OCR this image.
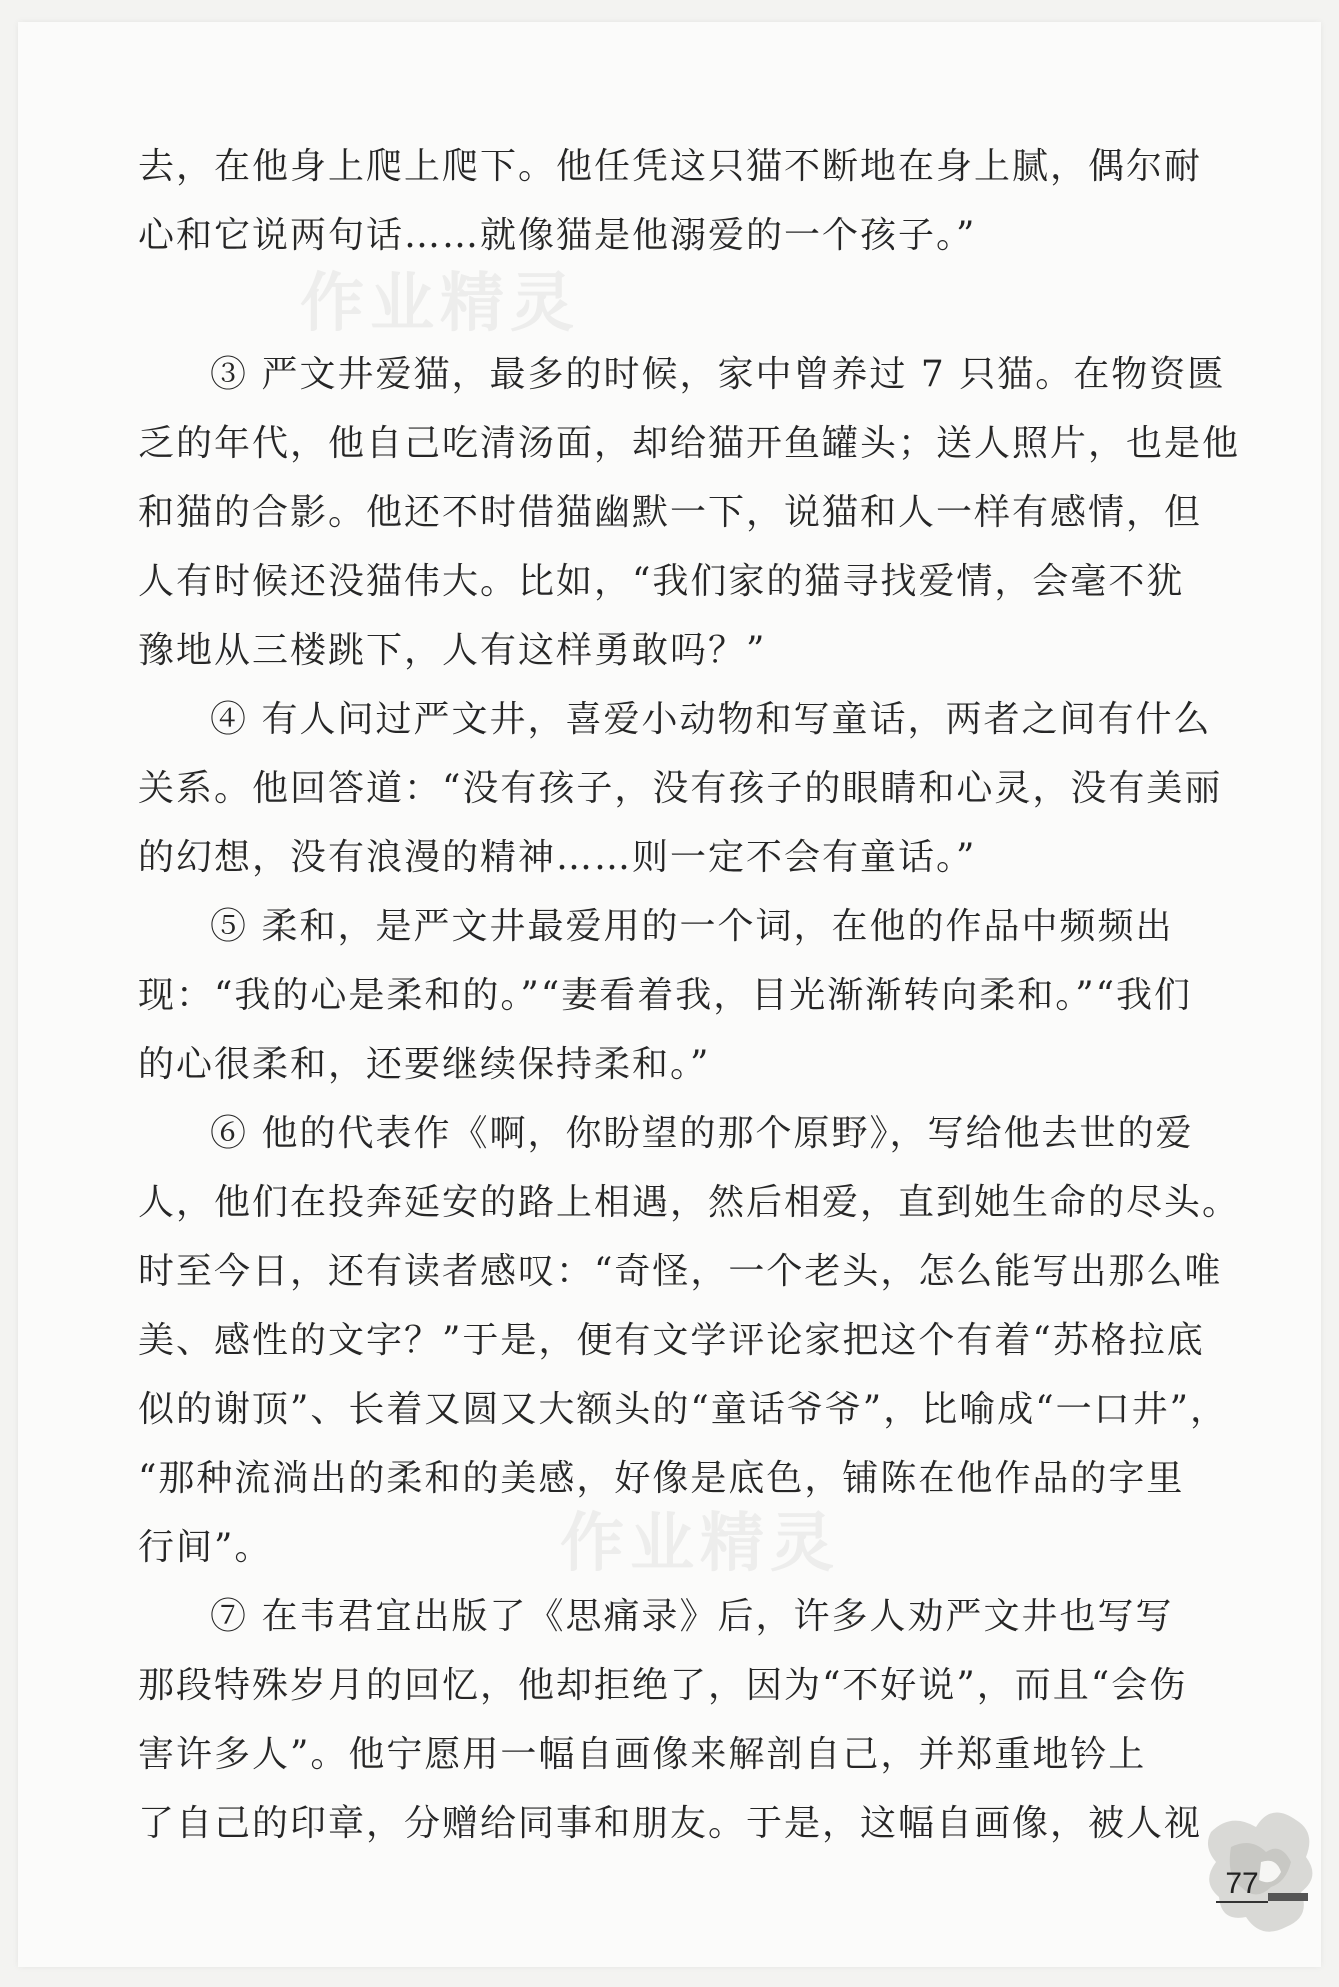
去，在他身上爬上爬下。他任凭这只猫不断地在身上腻，偶尔耐
心和它说两句话……就像猫是他溺爱的一个孩子。”
③ 严文井爱猫，最多的时候，家中曾养过 7 只猫。在物资匮
乏的年代，他自己吃清汤面，却给猫开鱼罐头；送人照片，也是他
和猫的合影。他还不时借猫幽默一下，说猫和人一样有感情，但
人有时候还没猫伟大。比如，“我们家的猫寻找爱情，会毫不犹
豫地从三楼跳下，人有这样勇敢吗？”
④ 有人问过严文井，喜爱小动物和写童话，两者之间有什么
关系。他回答道：“没有孩子，没有孩子的眼睛和心灵，没有美丽
的幻想，没有浪漫的精神……则一定不会有童话。”
⑤ 柔和，是严文井最爱用的一个词，在他的作品中频频出
现：“我的心是柔和的。”“妻看着我，目光渐渐转向柔和。”“我们
的心很柔和，还要继续保持柔和。”
⑥ 他的代表作《啊，你盼望的那个原野》，写给他去世的爱
人，他们在投奔延安的路上相遇，然后相爱，直到她生命的尽头。
时至今日，还有读者感叹：“奇怪，一个老头，怎么能写出那么唯
美、感性的文字？”于是，便有文学评论家把这个有着“苏格拉底
似的谢顶”、长着又圆又大额头的“童话爷爷”，比喻成“一口井”，
“那种流淌出的柔和的美感，好像是底色，铺陈在他作品的字里
行间”。
⑦ 在韦君宜出版了《思痛录》后，许多人劝严文井也写写
那段特殊岁月的回忆，他却拒绝了，因为“不好说”，而且“会伤
害许多人”。他宁愿用一幅自画像来解剖自己，并郑重地钤上
了自己的印章，分赠给同事和朋友。于是，这幅自画像，被人视
77
